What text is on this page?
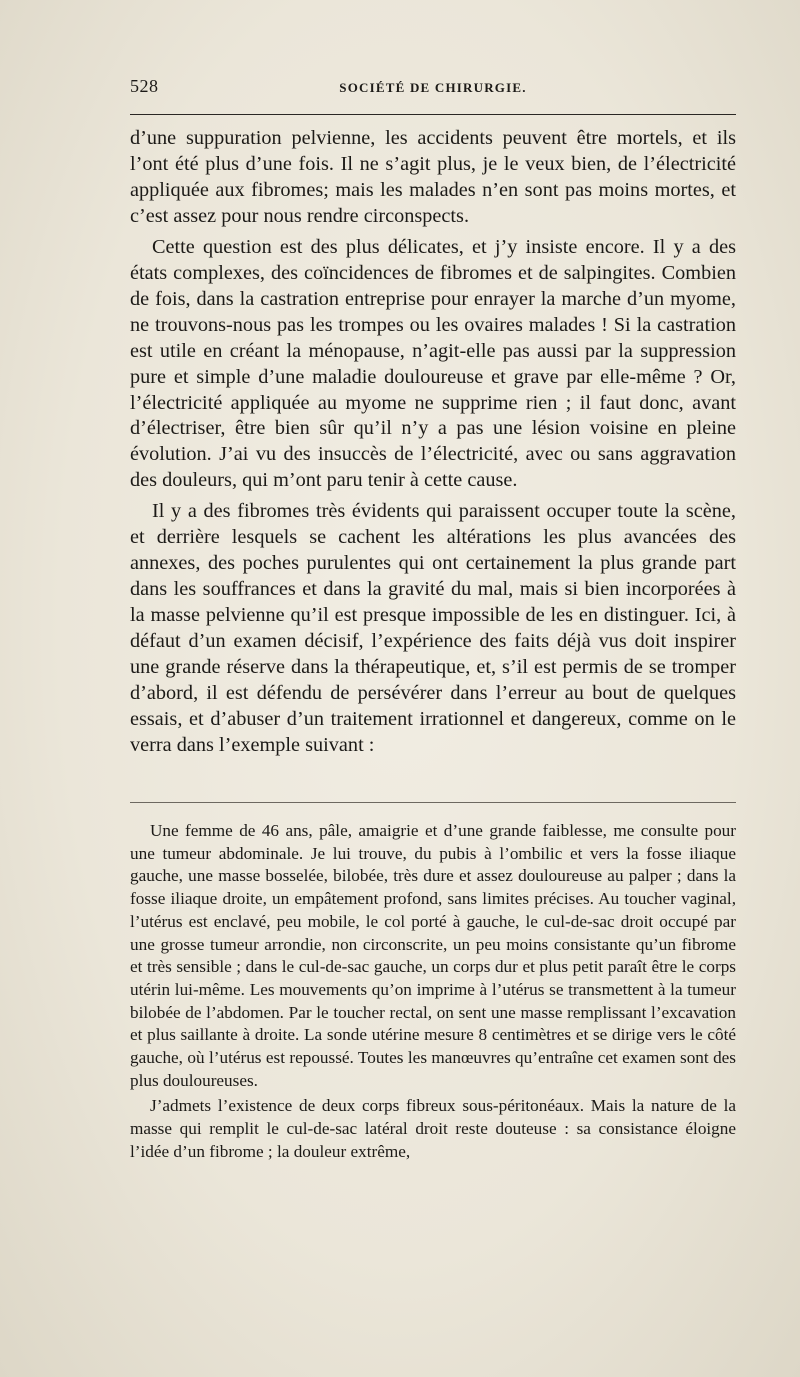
528	SOCIÉTÉ DE CHIRURGIE.

d’une suppuration pelvienne, les accidents peuvent être mortels, et ils l’ont été plus d’une fois. Il ne s’agit plus, je le veux bien, de l’électricité appliquée aux fibromes; mais les malades n’en sont pas moins mortes, et c’est assez pour nous rendre circonspects.

Cette question est des plus délicates, et j’y insiste encore. Il y a des états complexes, des coïncidences de fibromes et de salpingites. Combien de fois, dans la castration entreprise pour enrayer la marche d’un myome, ne trouvons-nous pas les trompes ou les ovaires malades ! Si la castration est utile en créant la ménopause, n’agit-elle pas aussi par la suppression pure et simple d’une maladie douloureuse et grave par elle-même ? Or, l’électricité appliquée au myome ne supprime rien ; il faut donc, avant d’électriser, être bien sûr qu’il n’y a pas une lésion voisine en pleine évolution. J’ai vu des insuccès de l’électricité, avec ou sans aggravation des douleurs, qui m’ont paru tenir à cette cause.

Il y a des fibromes très évidents qui paraissent occuper toute la scène, et derrière lesquels se cachent les altérations les plus avancées des annexes, des poches purulentes qui ont certainement la plus grande part dans les souffrances et dans la gravité du mal, mais si bien incorporées à la masse pelvienne qu’il est presque impossible de les en distinguer. Ici, à défaut d’un examen décisif, l’expérience des faits déjà vus doit inspirer une grande réserve dans la thérapeutique, et, s’il est permis de se tromper d’abord, il est défendu de persévérer dans l’erreur au bout de quelques essais, et d’abuser d’un traitement irrationnel et dangereux, comme on le verra dans l’exemple suivant :

Une femme de 46 ans, pâle, amaigrie et d’une grande faiblesse, me consulte pour une tumeur abdominale. Je lui trouve, du pubis à l’ombilic et vers la fosse iliaque gauche, une masse bosselée, bilobée, très dure et assez douloureuse au palper ; dans la fosse iliaque droite, un empâtement profond, sans limites précises. Au toucher vaginal, l’utérus est enclavé, peu mobile, le col porté à gauche, le cul-de-sac droit occupé par une grosse tumeur arrondie, non circonscrite, un peu moins consistante qu’un fibrome et très sensible ; dans le cul-de-sac gauche, un corps dur et plus petit paraît être le corps utérin lui-même. Les mouvements qu’on imprime à l’utérus se transmettent à la tumeur bilobée de l’abdomen. Par le toucher rectal, on sent une masse remplissant l’excavation et plus saillante à droite. La sonde utérine mesure 8 centimètres et se dirige vers le côté gauche, où l’utérus est repoussé. Toutes les manœuvres qu’entraîne cet examen sont des plus douloureuses.

J’admets l’existence de deux corps fibreux sous-péritonéaux. Mais la nature de la masse qui remplit le cul-de-sac latéral droit reste douteuse : sa consistance éloigne l’idée d’un fibrome ; la douleur extrême,
